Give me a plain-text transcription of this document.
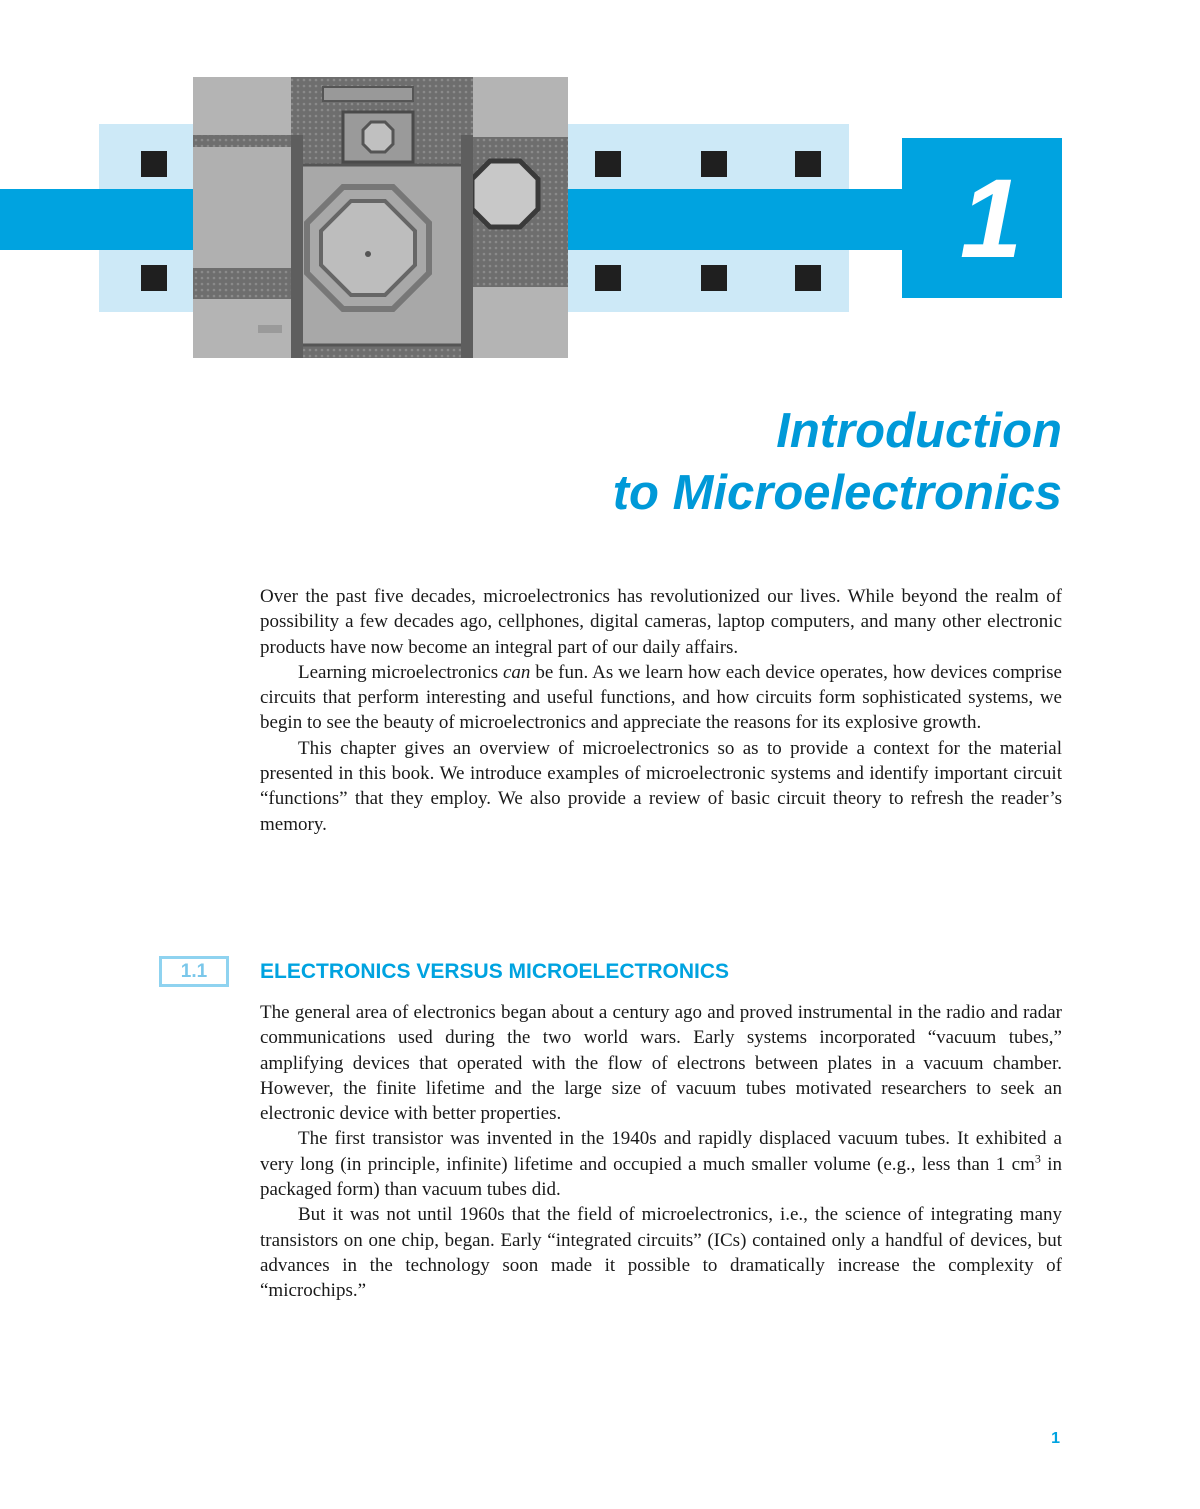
1
Introduction
to Microelectronics

Over the past five decades, microelectronics has revolutionized our lives. While beyond the realm of possibility a few decades ago, cellphones, digital cameras, laptop computers, and many other electronic products have now become an integral part of our daily affairs.

Learning microelectronics can be fun. As we learn how each device operates, how devices comprise circuits that perform interesting and useful functions, and how circuits form sophisticated systems, we begin to see the beauty of microelectronics and appreciate the reasons for its explosive growth.

This chapter gives an overview of microelectronics so as to provide a context for the material presented in this book. We introduce examples of microelectronic systems and identify important circuit “functions” that they employ. We also provide a review of basic circuit theory to refresh the reader’s memory.

1.1	ELECTRONICS VERSUS MICROELECTRONICS

The general area of electronics began about a century ago and proved instrumental in the radio and radar communications used during the two world wars. Early systems incorporated “vacuum tubes,” amplifying devices that operated with the flow of electrons between plates in a vacuum chamber. However, the finite lifetime and the large size of vacuum tubes motivated researchers to seek an electronic device with better properties.

The first transistor was invented in the 1940s and rapidly displaced vacuum tubes. It exhibited a very long (in principle, infinite) lifetime and occupied a much smaller volume (e.g., less than 1 $cm^3$ in packaged form) than vacuum tubes did.

But it was not until 1960s that the field of microelectronics, i.e., the science of integrating many transistors on one chip, began. Early “integrated circuits” (ICs) contained only a handful of devices, but advances in the technology soon made it possible to dramatically increase the complexity of “microchips.”

1
